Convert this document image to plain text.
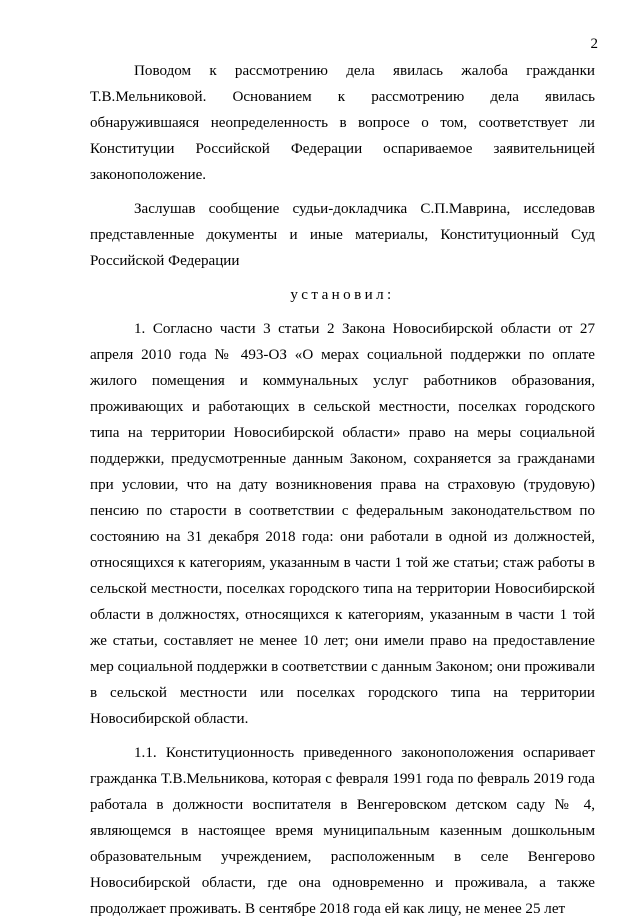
2

Поводом к рассмотрению дела явилась жалоба гражданки Т.В.Мельниковой. Основанием к рассмотрению дела явилась обнаружившаяся неопределенность в вопросе о том, соответствует ли Конституции Российской Федерации оспариваемое заявительницей законоположение.

Заслушав сообщение судьи-докладчика С.П.Маврина, исследовав представленные документы и иные материалы, Конституционный Суд Российской Федерации

установил:

1. Согласно части 3 статьи 2 Закона Новосибирской области от 27 апреля 2010 года № 493-ОЗ «О мерах социальной поддержки по оплате жилого помещения и коммунальных услуг работников образования, проживающих и работающих в сельской местности, поселках городского типа на территории Новосибирской области» право на меры социальной поддержки, предусмотренные данным Законом, сохраняется за гражданами при условии, что на дату возникновения права на страховую (трудовую) пенсию по старости в соответствии с федеральным законодательством по состоянию на 31 декабря 2018 года: они работали в одной из должностей, относящихся к категориям, указанным в части 1 той же статьи; стаж работы в сельской местности, поселках городского типа на территории Новосибирской области в должностях, относящихся к категориям, указанным в части 1 той же статьи, составляет не менее 10 лет; они имели право на предоставление мер социальной поддержки в соответствии с данным Законом; они проживали в сельской местности или поселках городского типа на территории Новосибирской области.

1.1. Конституционность приведенного законоположения оспаривает гражданка Т.В.Мельникова, которая с февраля 1991 года по февраль 2019 года работала в должности воспитателя в Венгеровском детском саду № 4, являющемся в настоящее время муниципальным казенным дошкольным образовательным учреждением, расположенным в селе Венгерово Новосибирской области, где она одновременно и проживала, а также продолжает проживать. В сентябре 2018 года ей как лицу, не менее 25 лет
